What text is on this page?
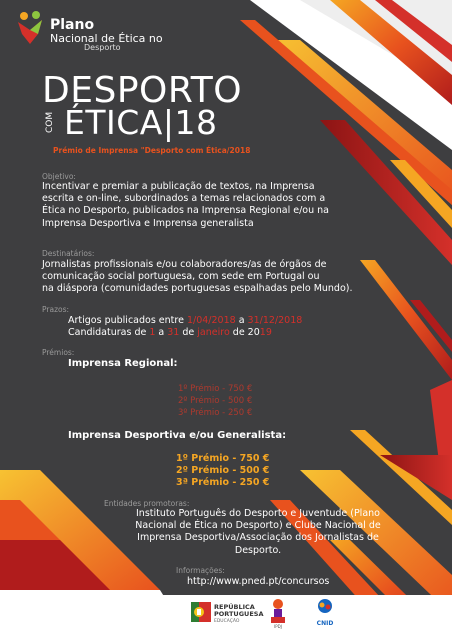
Plano
Nacional de Ética no
Desporto
DESPORTO
COM ÉTICA|18
Prémio de Imprensa "Desporto com Ética/2018
Objetivo:
Incentivar e premiar a publicação de textos, na Imprensa escrita e on-line, subordinados a temas relacionados com a Ética no Desporto, publicados na Imprensa Regional e/ou na Imprensa Desportiva e Imprensa generalista
Destinatários:
Jornalistas profissionais e/ou colaboradores/as de órgãos de
comunicação social portuguesa, com sede em Portugal ou
na diáspora (comunidades portuguesas espalhadas pelo Mundo).
Prazos:
Artigos publicados entre 1/04/2018 a 31/12/2018
Candidaturas de 1 a 31 de janeiro de 2019
Prémios:
Imprensa Regional:
1º Prémio - 750 €
2º Prémio - 500 €
3º Prémio - 250 €
Imprensa Desportiva e/ou Generalista:
1º Prémio - 750 €
2º Prémio - 500 €
3ª Prémio - 250 €
Entidades promotoras:
Instituto Português do Desporto e Juventude (Plano
Nacional de Ética no Desporto) e Clube Nacional de
Imprensa Desportiva/Associação dos Jornalistas de
Desporto.
Informações:
http://www.pned.pt/concursos
REPÚBLICA
PORTUGUESA
EDUCAÇÃO
IPDJ	CNID
